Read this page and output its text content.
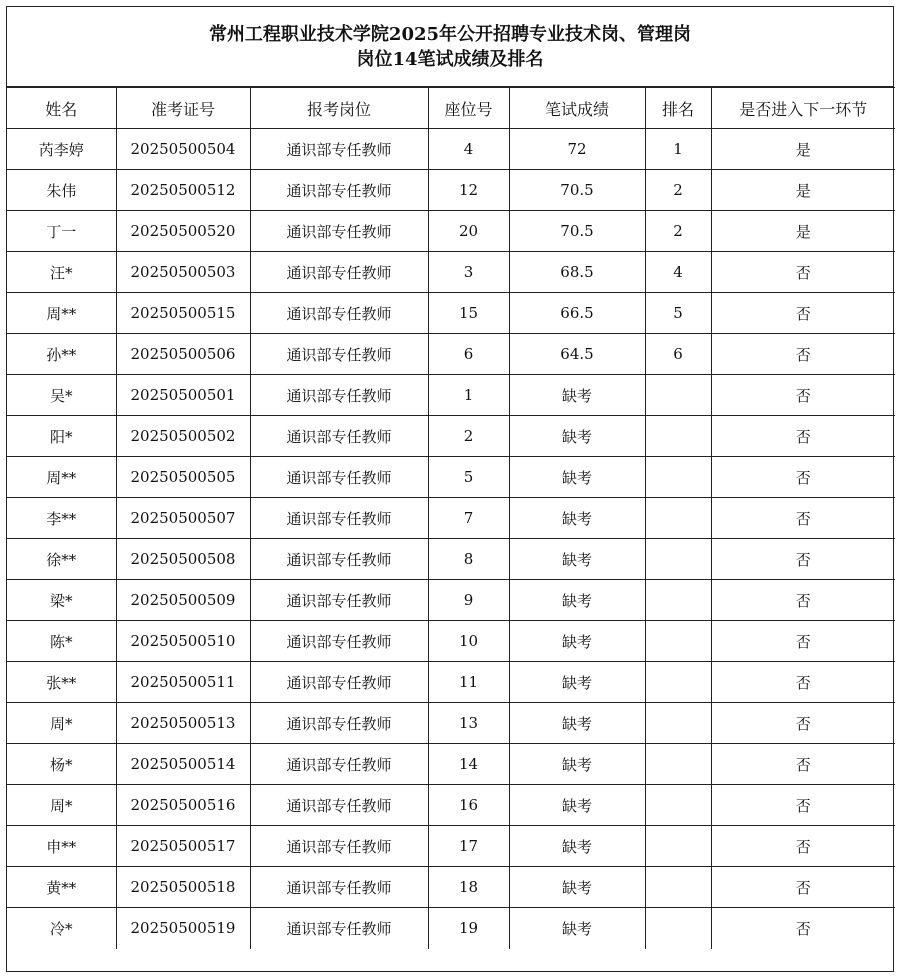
常州工程职业技术学院2025年公开招聘专业技术岗、管理岗
岗位14笔试成绩及排名
姓名	准考证号	报考岗位	座位号	笔试成绩	排名	是否进入下一环节
芮李婷	20250500504	通识部专任教师	4	72	1	是
朱伟	20250500512	通识部专任教师	12	70.5	2	是
丁一	20250500520	通识部专任教师	20	70.5	2	是
汪*	20250500503	通识部专任教师	3	68.5	4	否
周**	20250500515	通识部专任教师	15	66.5	5	否
孙**	20250500506	通识部专任教师	6	64.5	6	否
吴*	20250500501	通识部专任教师	1	缺考		否
阳*	20250500502	通识部专任教师	2	缺考		否
周**	20250500505	通识部专任教师	5	缺考		否
李**	20250500507	通识部专任教师	7	缺考		否
徐**	20250500508	通识部专任教师	8	缺考		否
梁*	20250500509	通识部专任教师	9	缺考		否
陈*	20250500510	通识部专任教师	10	缺考		否
张**	20250500511	通识部专任教师	11	缺考		否
周*	20250500513	通识部专任教师	13	缺考		否
杨*	20250500514	通识部专任教师	14	缺考		否
周*	20250500516	通识部专任教师	16	缺考		否
申**	20250500517	通识部专任教师	17	缺考		否
黄**	20250500518	通识部专任教师	18	缺考		否
冷*	20250500519	通识部专任教师	19	缺考		否
